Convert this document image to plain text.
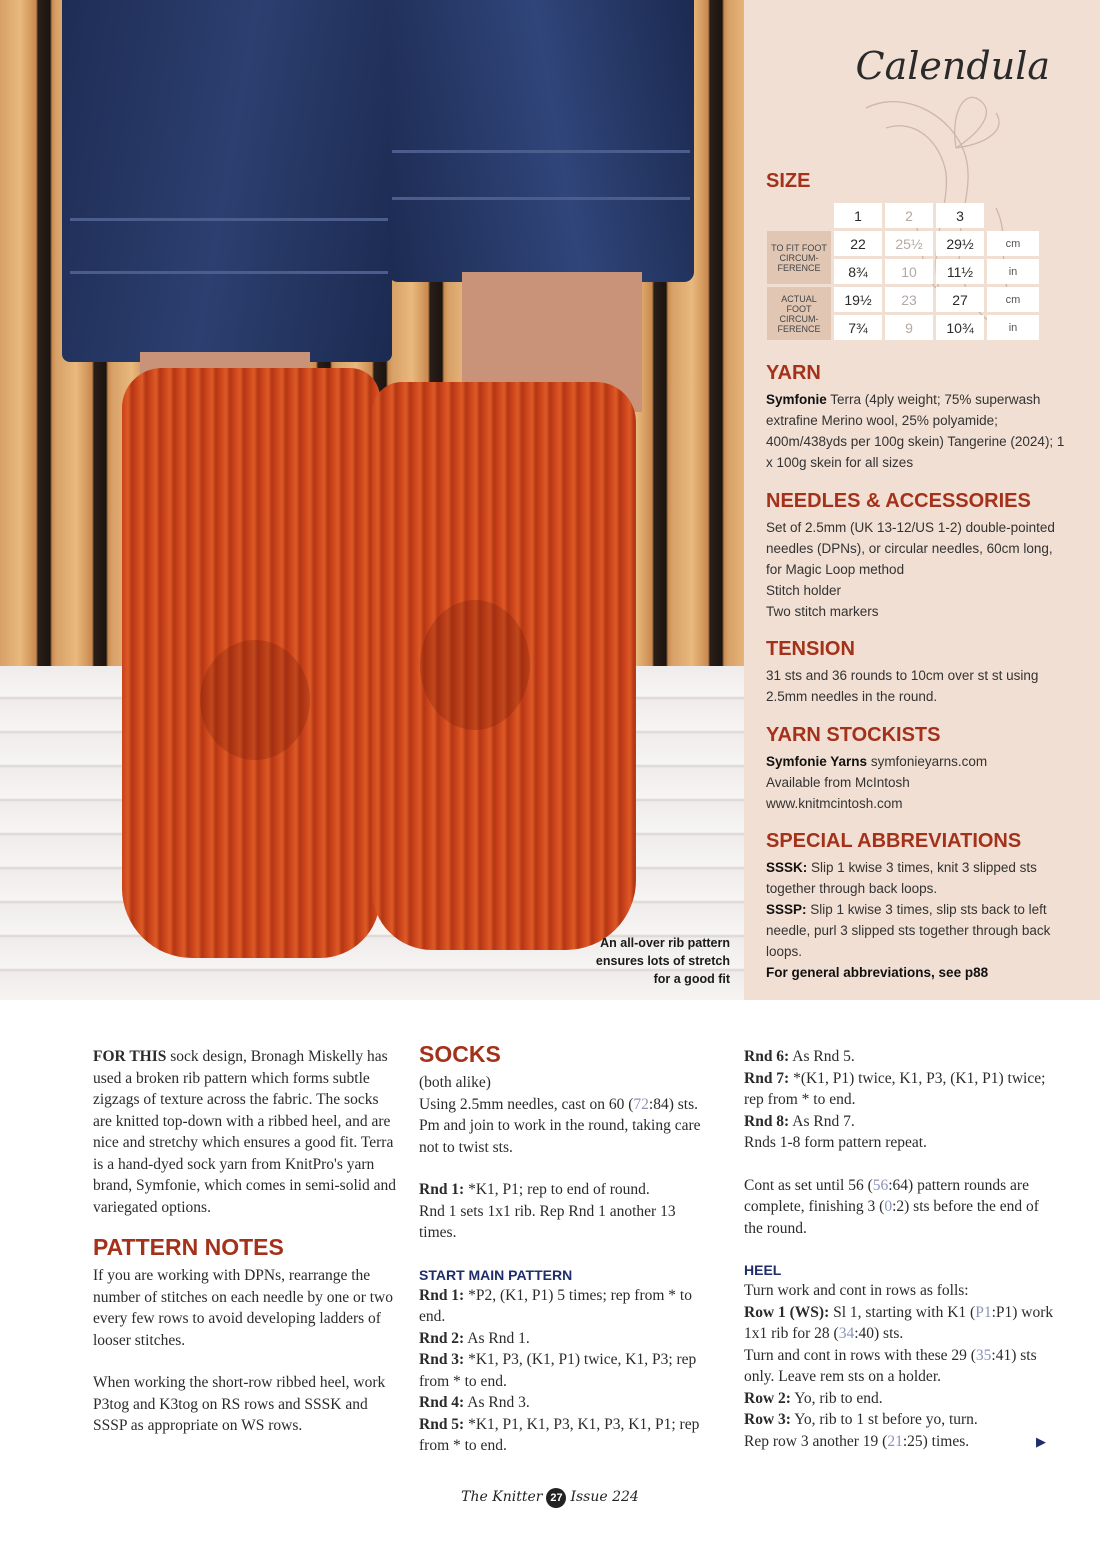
An all-over rib pattern
ensures lots of stretch
for a good fit
Calendula
SIZE
	1	2	3	
TO FIT FOOT CIRCUM-FERENCE	22	25½	29½	cm
	8¾	10	11½	in
ACTUAL FOOT CIRCUM-FERENCE	19½	23	27	cm
	7¾	9	10¾	in
YARN
Symfonie Terra (4ply weight; 75% superwash extrafine Merino wool, 25% polyamide; 400m/438yds per 100g skein) Tangerine (2024); 1 x 100g skein for all sizes
NEEDLES & ACCESSORIES
Set of 2.5mm (UK 13-12/US 1-2) double-pointed needles (DPNs), or circular needles, 60cm long, for Magic Loop method
Stitch holder
Two stitch markers
TENSION
31 sts and 36 rounds to 10cm over st st using 2.5mm needles in the round.
YARN STOCKISTS
Symfonie Yarns symfonieyarns.com
Available from McIntosh
www.knitmcintosh.com
SPECIAL ABBREVIATIONS
SSSK: Slip 1 kwise 3 times, knit 3 slipped sts together through back loops.
SSSP: Slip 1 kwise 3 times, slip sts back to left needle, purl 3 slipped sts together through back loops.
For general abbreviations, see p88

FOR THIS sock design, Bronagh Miskelly has used a broken rib pattern which forms subtle zigzags of texture across the fabric. The socks are knitted top-down with a ribbed heel, and are nice and stretchy which ensures a good fit. Terra is a hand-dyed sock yarn from KnitPro's yarn brand, Symfonie, which comes in semi-solid and variegated options.

PATTERN NOTES

If you are working with DPNs, rearrange the number of stitches on each needle by one or two every few rows to avoid developing ladders of looser stitches.

When working the short-row ribbed heel, work P3tog and K3tog on RS rows and SSSK and SSSP as appropriate on WS rows.

SOCKS
(both alike)

Using 2.5mm needles, cast on 60 (72:84) sts. Pm and join to work in the round, taking care not to twist sts.

Rnd 1: *K1, P1; rep to end of round.

Rnd 1 sets 1x1 rib. Rep Rnd 1 another 13 times.

START MAIN PATTERN
Rnd 1: *P2, (K1, P1) 5 times; rep from * to end.
Rnd 2: As Rnd 1.
Rnd 3: *K1, P3, (K1, P1) twice, K1, P3; rep from * to end.
Rnd 4: As Rnd 3.
Rnd 5: *K1, P1, K1, P3, K1, P3, K1, P1; rep from * to end.
Rnd 6: As Rnd 5.
Rnd 7: *(K1, P1) twice, K1, P3, (K1, P1) twice; rep from * to end.
Rnd 8: As Rnd 7.

Rnds 1-8 form pattern repeat.

Cont as set until 56 (56:64) pattern rounds are complete, finishing 3 (0:2) sts before the end of the round.

HEEL
Turn work and cont in rows as folls:
Row 1 (WS): Sl 1, starting with K1 (P1:P1) work 1x1 rib for 28 (34:40) sts.
Turn and cont in rows with these 29 (35:41) sts only. Leave rem sts on a holder.
Row 2: Yo, rib to end.
Row 3: Yo, rib to 1 st before yo, turn.
Rep row 3 another 19 (21:25) times.	▶
The Knitter 27 Issue 224
